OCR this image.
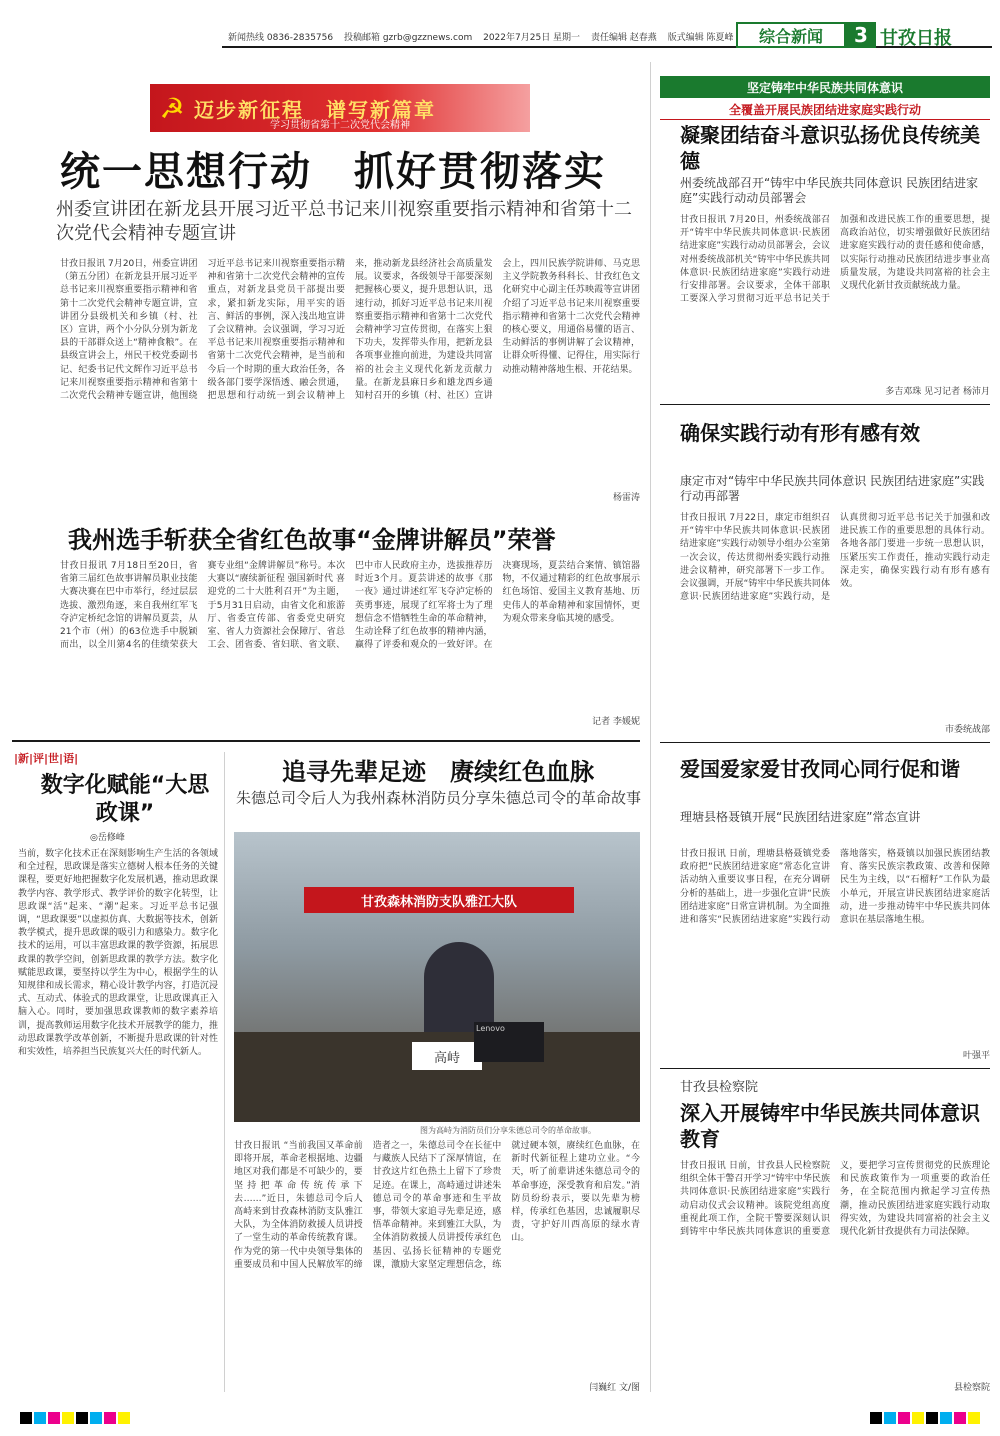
新闻热线 0836-2835756 投稿邮箱 gzrb@gzznews.com 2022年7月25日 星期一 责任编辑 赵春燕 版式编辑 陈夏峰	综合新闻	3 甘孜日报
☭ 迈步新征程　谱写新篇章
学习贯彻省第十二次党代会精神
统一思想行动　抓好贯彻落实
州委宣讲团在新龙县开展习近平总书记来川视察重要指示精神和省第十二次党代会精神专题宣讲
甘孜日报讯 7月20日，州委宣讲团（第五分团）在新龙县开展习近平总书记来川视察重要指示精神和省第十二次党代会精神专题宣讲，宣讲团分县级机关和乡镇（村、社区）宣讲，两个小分队分别为新龙县的干部群众送上“精神食粮”。在县级宣讲会上，州民干校党委副书记、纪委书记代文辉作习近平总书记来川视察重要指示精神和省第十二次党代会精神专题宣讲，他围绕习近平总书记来川视察重要指示精神和省第十二次党代会精神的宣传重点，对新龙县党员干部提出要求，紧扣新龙实际，用平实的语言、鲜活的事例，深入浅出地宣讲了会议精神。会议强调，学习习近平总书记来川视察重要指示精神和省第十二次党代会精神，是当前和今后一个时期的重大政治任务，各级各部门要学深悟透、融会贯通，把思想和行动统一到会议精神上来，推动新龙县经济社会高质量发展。议要求，各级领导干部要深刻把握核心要义，提升思想认识，迅速行动，抓好习近平总书记来川视察重要指示精神和省第十二次党代会精神学习宣传贯彻，在落实上狠下功夫，发挥带头作用，把新龙县各项事业推向前进，为建设共同富裕的社会主义现代化新龙贡献力量。在新龙县麻日乡和雄龙西乡通知村召开的乡镇（村、社区）宣讲会上，四川民族学院讲师、马克思主义学院教务科科长、甘孜红色文化研究中心副主任苏映霞等宣讲团介绍了习近平总书记来川视察重要指示精神和省第十二次党代会精神的核心要义，用通俗易懂的语言、生动鲜活的事例讲解了会议精神，让群众听得懂、记得住，用实际行动推动精神落地生根、开花结果。
杨雷涛
我州选手斩获全省红色故事“金牌讲解员”荣誉
甘孜日报讯 7月18日至20日，省省第三届红色故事讲解员职业技能大赛决赛在巴中市举行，经过层层选拔、激烈角逐，来自我州红军飞夺泸定桥纪念馆的讲解员夏芸，从21个市（州）的63位选手中脱颖而出，以全川第4名的佳绩荣获大赛专业组“金牌讲解员”称号。本次大赛以“赓续新征程 强国新时代 喜迎党的二十大胜利召开”为主题，于5月31日启动，由省文化和旅游厅、省委宣传部、省委党史研究室、省人力资源社会保障厅、省总工会、团省委、省妇联、省文联、巴中市人民政府主办，选拔推荐历时近3个月。夏芸讲述的故事《那一夜》通过讲述红军飞夺泸定桥的英勇事迹，展现了红军将士为了理想信念不惜牺牲生命的革命精神，生动诠释了红色故事的精神内涵，赢得了评委和观众的一致好评。在决赛现场，夏芸结合案情、镇馆器物，不仅通过精彩的红色故事展示红色场馆、爱国主义教育基地、历史伟人的革命精神和家国情怀，更为观众带来身临其境的感受。
记者 李媛妮
|新|评|世|语|
数字化赋能“大思政课”
◎岳修峰
当前，数字化技术正在深刻影响生产生活的各领域和全过程，思政课是落实立德树人根本任务的关键课程，要更好地把握数字化发展机遇，推动思政课教学内容、教学形式、教学评价的数字化转型，让思政课“活”起来、“潮”起来。习近平总书记强调，“思政课要”以虚拟仿真、大数据等技术，创新教学模式，提升思政课的吸引力和感染力。数字化技术的运用，可以丰富思政课的教学资源，拓展思政课的教学空间，创新思政课的教学方法。数字化赋能思政课，要坚持以学生为中心，根据学生的认知规律和成长需求，精心设计教学内容，打造沉浸式、互动式、体验式的思政课堂，让思政课真正入脑入心。同时，要加强思政课教师的数字素养培训，提高教师运用数字化技术开展教学的能力，推动思政课教学改革创新，不断提升思政课的针对性和实效性，培养担当民族复兴大任的时代新人。
追寻先辈足迹　赓续红色血脉
朱德总司令后人为我州森林消防员分享朱德总司令的革命故事
甘孜森林消防支队雅江大队
高峙
Lenovo
图为高峙为消防员们分享朱德总司令的革命故事。
甘孜日报讯 “当前我国又革命前即将开展，革命老根据地、边疆地区对我们都是不可缺少的，要坚持把革命传统传承下去……”近日，朱德总司令后人高峙来到甘孜森林消防支队雅江大队，为全体消防救援人员讲授了一堂生动的革命传统教育课。作为党的第一代中央领导集体的重要成员和中国人民解放军的缔造者之一，朱德总司令在长征中与藏族人民结下了深厚情谊，在甘孜这片红色热土上留下了珍贵足迹。在课上，高峙通过讲述朱德总司令的革命事迹和生平故事，带领大家追寻先辈足迹，感悟革命精神。来到雅江大队，为全体消防救援人员讲授传承红色基因、弘扬长征精神的专题党课，激励大家坚定理想信念，练就过硬本领，赓续红色血脉，在新时代新征程上建功立业。“今天，听了前辈讲述朱德总司令的革命事迹，深受教育和启发。”消防员纷纷表示，要以先辈为榜样，传承红色基因，忠诚履职尽责，守护好川西高原的绿水青山。
闫巍红 文/图
坚定铸牢中华民族共同体意识
全覆盖开展民族团结进家庭实践行动
凝聚团结奋斗意识弘扬优良传统美德
州委统战部召开“铸牢中华民族共同体意识 民族团结进家庭”实践行动动员部署会
甘孜日报讯 7月20日，州委统战部召开“铸牢中华民族共同体意识·民族团结进家庭”实践行动动员部署会，会议对州委统战部机关“铸牢中华民族共同体意识·民族团结进家庭”实践行动进行安排部署。会议要求，全体干部职工要深入学习贯彻习近平总书记关于加强和改进民族工作的重要思想，提高政治站位，切实增强做好民族团结进家庭实践行动的责任感和使命感，以实际行动推动民族团结进步事业高质量发展，为建设共同富裕的社会主义现代化新甘孜贡献统战力量。
多吉邓珠 见习记者 杨沛月
确保实践行动有形有感有效
康定市对“铸牢中华民族共同体意识 民族团结进家庭”实践行动再部署
甘孜日报讯 7月22日，康定市组织召开“铸牢中华民族共同体意识·民族团结进家庭”实践行动领导小组办公室第一次会议，传达贯彻州委实践行动推进会议精神，研究部署下一步工作。会议强调，开展“铸牢中华民族共同体意识·民族团结进家庭”实践行动，是认真贯彻习近平总书记关于加强和改进民族工作的重要思想的具体行动。各地各部门要进一步统一思想认识，压紧压实工作责任，推动实践行动走深走实，确保实践行动有形有感有效。
市委统战部
爱国爱家爱甘孜同心同行促和谐
理塘县格聂镇开展“民族团结进家庭”常态宣讲
甘孜日报讯 日前，理塘县格聂镇党委政府把“民族团结进家庭”常态化宣讲活动纳入重要议事日程，在充分调研分析的基础上，进一步强化宣讲“民族团结进家庭”日常宣讲机制。为全面推进和落实“民族团结进家庭”实践行动落地落实，格聂镇以加强民族团结教育、落实民族宗教政策、改善和保障民生为主线，以“石榴籽”工作队为最小单元，开展宣讲民族团结进家庭活动，进一步推动铸牢中华民族共同体意识在基层落地生根。
叶强平
甘孜县检察院
深入开展铸牢中华民族共同体意识教育
甘孜日报讯 日前，甘孜县人民检察院组织全体干警召开学习“铸牢中华民族共同体意识·民族团结进家庭”实践行动启动仪式会议精神。该院党组高度重视此项工作，全院干警要深刻认识到铸牢中华民族共同体意识的重要意义，要把学习宣传贯彻党的民族理论和民族政策作为一项重要的政治任务，在全院范围内掀起学习宣传热潮，推动民族团结进家庭实践行动取得实效，为建设共同富裕的社会主义现代化新甘孜提供有力司法保障。
县检察院
